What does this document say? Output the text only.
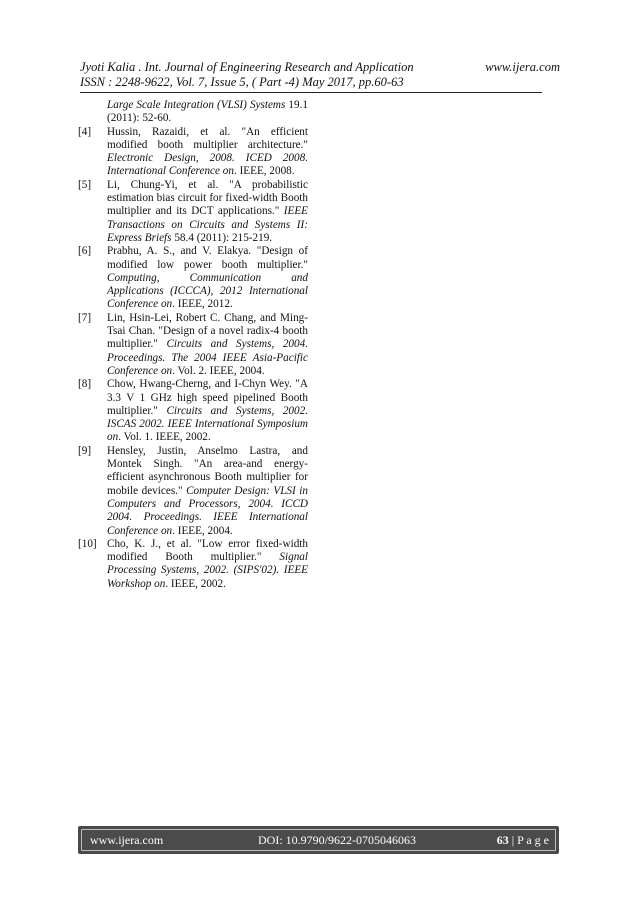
Jyoti Kalia . Int. Journal of Engineering Research and Application	www.ijera.com
ISSN : 2248-9622, Vol. 7, Issue 5, ( Part -4) May 2017, pp.60-63
Large Scale Integration (VLSI) Systems 19.1 (2011): 52-60.
[4]	Hussin, Razaidi, et al. "An efficient modified booth multiplier architecture." Electronic Design, 2008. ICED 2008. International Conference on. IEEE, 2008.
[5]	Li, Chung-Yi, et al. "A probabilistic estimation bias circuit for fixed-width Booth multiplier and its DCT applications." IEEE Transactions on Circuits and Systems II: Express Briefs 58.4 (2011): 215-219.
[6]	Prabhu, A. S., and V. Elakya. "Design of modified low power booth multiplier." Computing, Communication and Applications (ICCCA), 2012 International Conference on. IEEE, 2012.
[7]	Lin, Hsin-Lei, Robert C. Chang, and Ming-Tsai Chan. "Design of a novel radix-4 booth multiplier." Circuits and Systems, 2004. Proceedings. The 2004 IEEE Asia-Pacific Conference on. Vol. 2. IEEE, 2004.
[8]	Chow, Hwang-Cherng, and I-Chyn Wey. "A 3.3 V 1 GHz high speed pipelined Booth multiplier." Circuits and Systems, 2002. ISCAS 2002. IEEE International Symposium on. Vol. 1. IEEE, 2002.
[9]	Hensley, Justin, Anselmo Lastra, and Montek Singh. "An area-and energy-efficient asynchronous Booth multiplier for mobile devices." Computer Design: VLSI in Computers and Processors, 2004. ICCD 2004. Proceedings. IEEE International Conference on. IEEE, 2004.
[10] Cho, K. J., et al. "Low error fixed-width modified Booth multiplier." Signal Processing Systems, 2002. (SIPS'02). IEEE Workshop on. IEEE, 2002.
www.ijera.com	DOI: 10.9790/9622-0705046063	63 | P a g e
